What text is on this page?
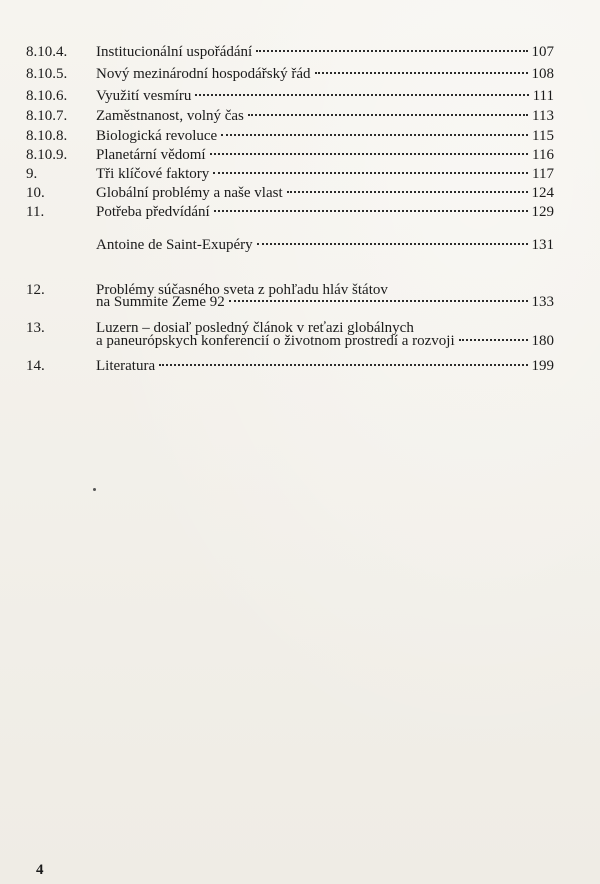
8.10.4. Institucionální uspořádání	107
8.10.5. Nový mezinárodní hospodářský řád	108
8.10.6. Využití vesmíru	111
8.10.7. Zaměstnanost, volný čas	113
8.10.8. Biologická revoluce	115
8.10.9. Planetární vědomí	116
9.	Tři klíčové faktory	117
10.	Globální problémy a naše vlast	124
11.	Potřeba předvídání	129
Antoine de Saint-Exupéry	131
12.	Problémy súčasného sveta z pohľadu hláv štátov
na Summite Zeme 92	133
13.	Luzern – dosiaľ posledný článok v reťazi globálnych
a paneurópskych konferencií o životnom prostredí a rozvoji	180
14.	Literatura	199
4
